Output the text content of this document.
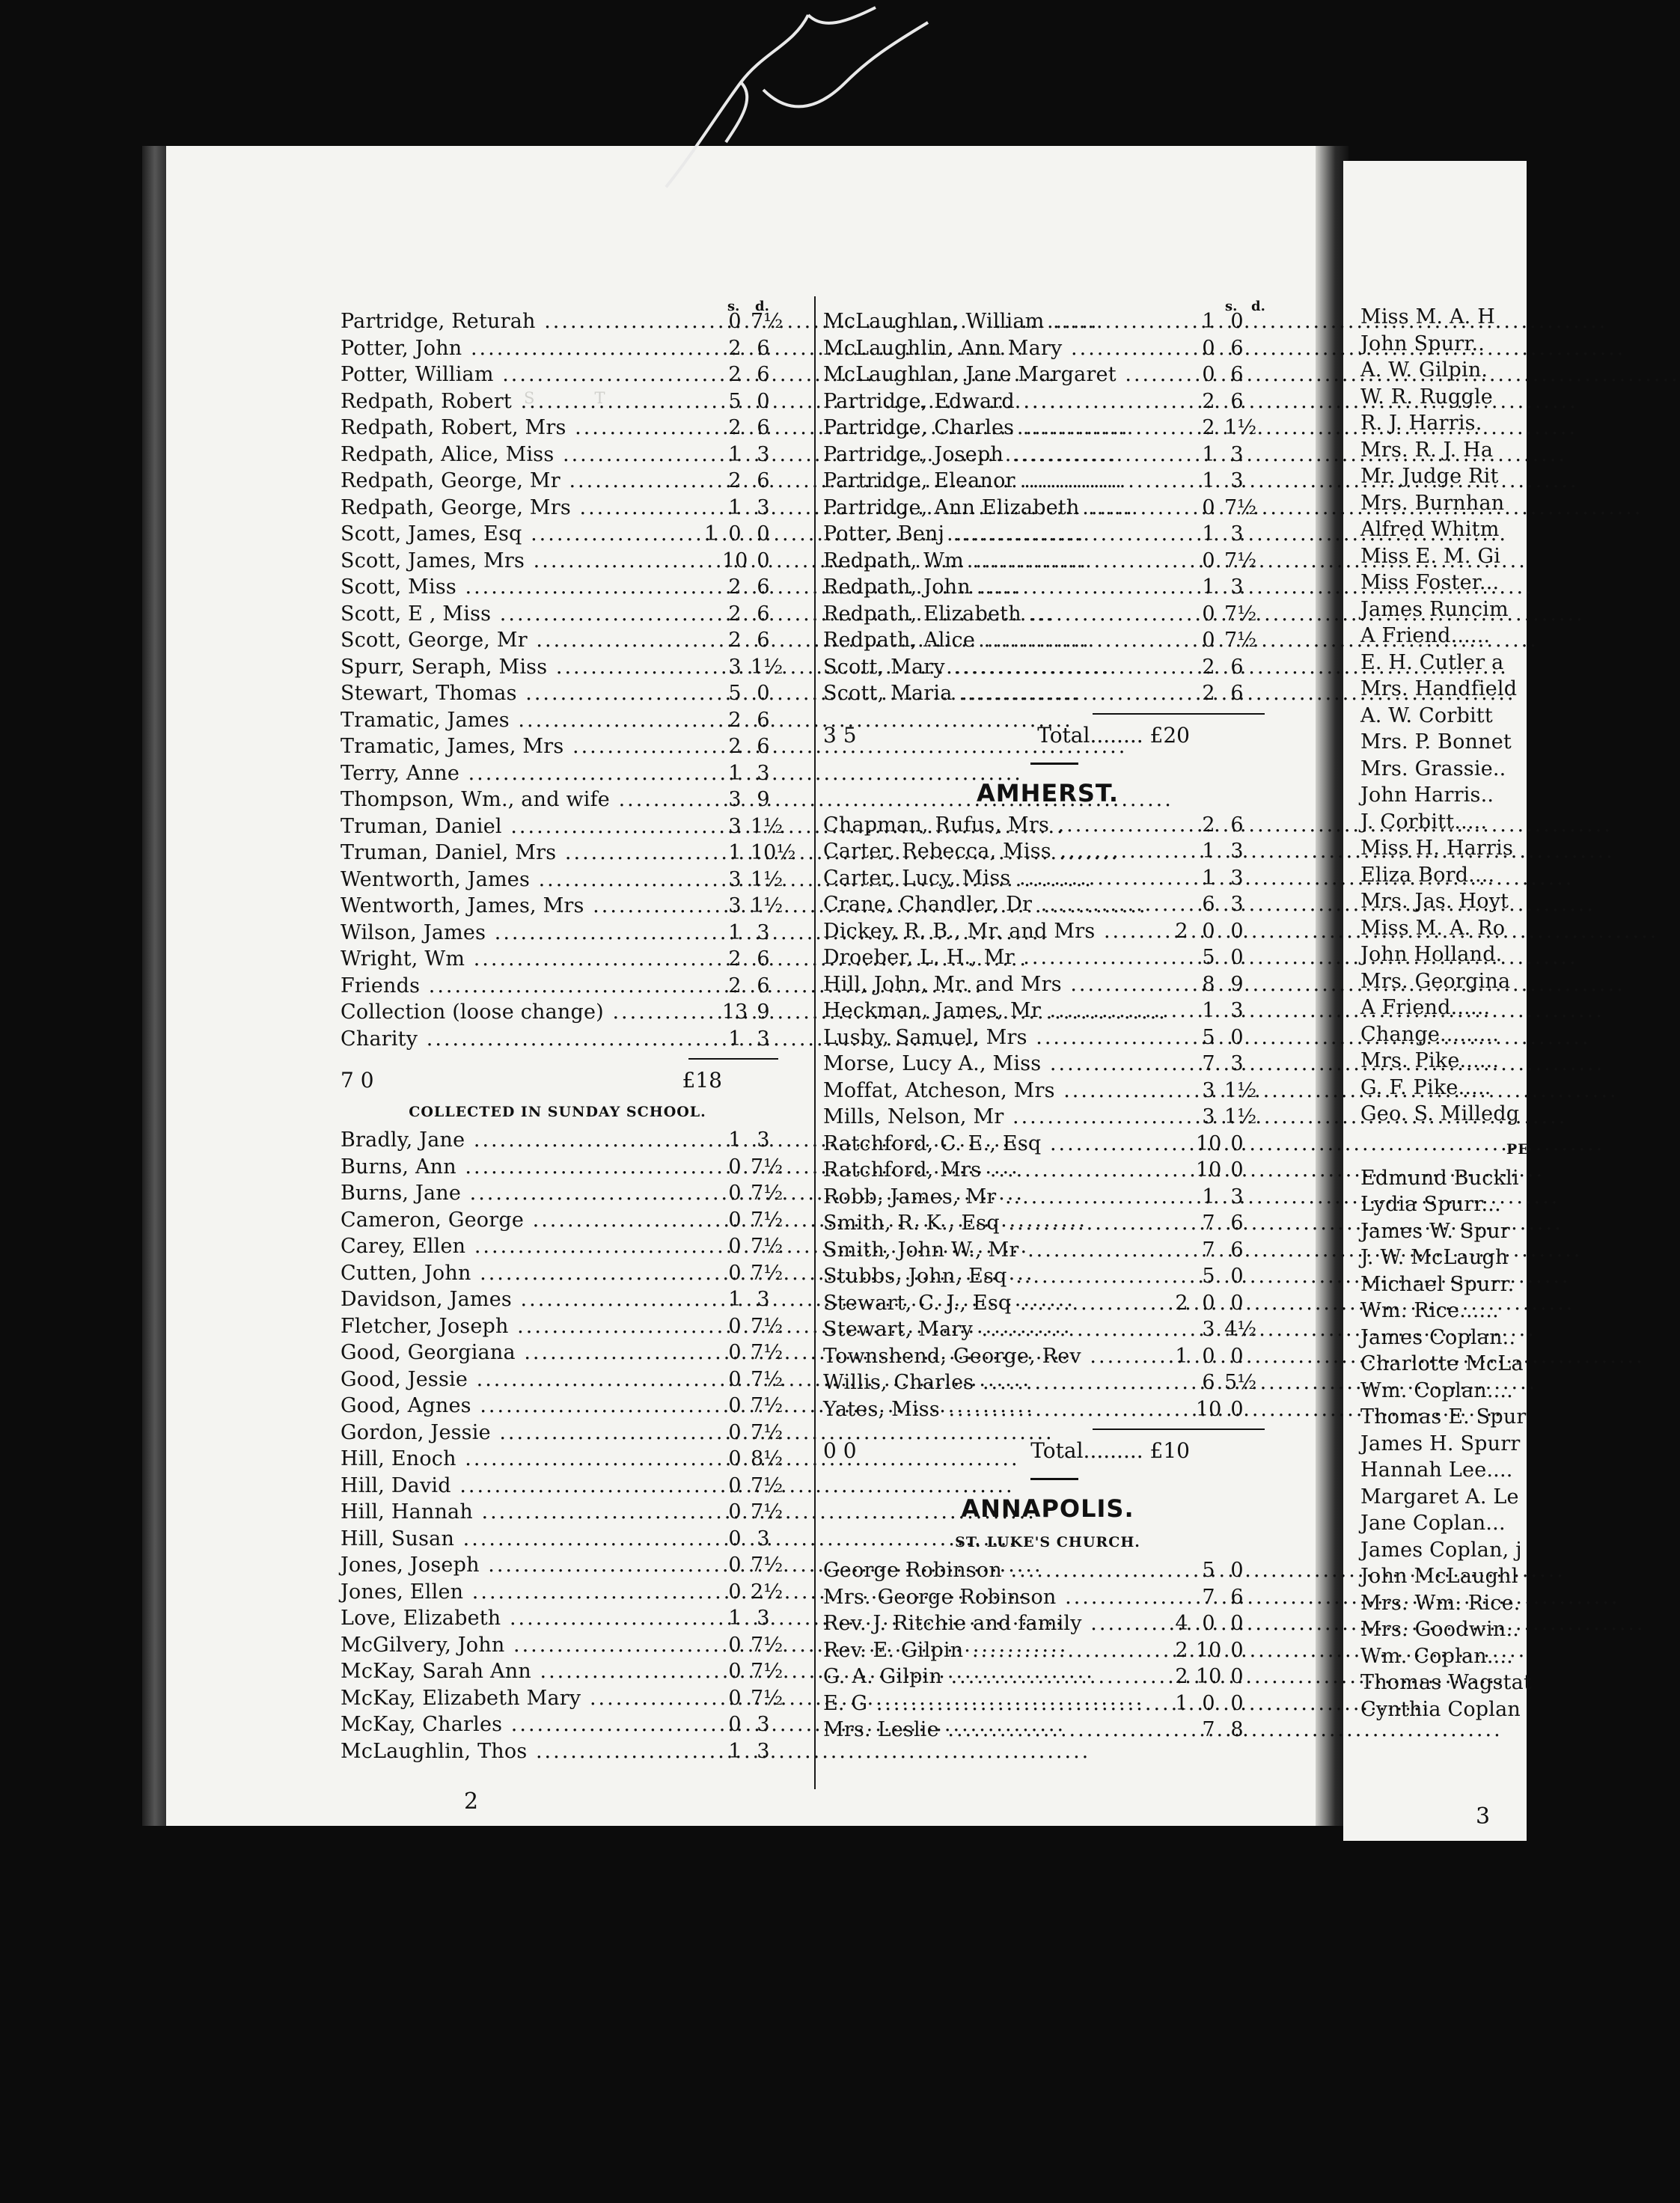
S            T
s. d.
Partridge, Returah .....	0 7½
Potter, John .....	2 6
Potter, William .....	2 6
Redpath, Robert .....	5 0
Redpath, Robert, Mrs .....	2 6
Redpath, Alice, Miss .....	1 3
Redpath, George, Mr .....	2 6
Redpath, George, Mrs .....	1 3
Scott, James, Esq .....	1 0 0
Scott, James, Mrs .....	10 0
Scott, Miss .....	2 6
Scott, E , Miss .....	2 6
Scott, George, Mr .....	2 6
Spurr, Seraph, Miss .....	3 1½
Stewart, Thomas .....	5 0
Tramatic, James .....	2 6
Tramatic, James, Mrs .....	2 6
Terry, Anne .....	1 3
Thompson, Wm., and wife .....	3 9
Truman, Daniel .....	3 1½
Truman, Daniel, Mrs .....	1 10½
Wentworth, James .....	3 1½
Wentworth, James, Mrs .....	3 1½
Wilson, James .....	1 3
Wright, Wm .....	2 6
Friends .....	2 6
Collection (loose change) .....	13 9
Charity .....	1 3
£18
7 0
COLLECTED IN SUNDAY SCHOOL.
Bradly, Jane .....	1 3
Burns, Ann .....	0 7½
Burns, Jane .....	0 7½
Cameron, George .....	0 7½
Carey, Ellen .....	0 7½
Cutten, John .....	0 7½
Davidson, James .....	1 3
Fletcher, Joseph .....	0 7½
Good, Georgiana .....	0 7½
Good, Jessie .....	0 7½
Good, Agnes .....	0 7½
Gordon, Jessie .....	0 7½
Hill, Enoch .....	0 8½
Hill, David .....	0 7½
Hill, Hannah .....	0 7½
Hill, Susan .....	0 3
Jones, Joseph .....	0 7½
Jones, Ellen .....	0 2½
Love, Elizabeth .....	1 3
McGilvery, John .....	0 7½
McKay, Sarah Ann .....	0 7½
McKay, Elizabeth Mary .....	0 7½
McKay, Charles .....	0 3
McLaughlin, Thos .....	1 3
s. d.
McLaughlan, William .....	1 0
McLaughlin, Ann Mary .....	0 6
McLaughlan, Jane Margaret .....	0 6
Partridge, Edward .....	2 6
Partridge, Charles .....	2 1½
Partridge, Joseph .....	1 3
Partridge, Eleanor .....	1 3
Partridge, Ann Elizabeth .....	0 7½
Potter, Benj .....	1 3
Redpath, Wm .....	0 7½
Redpath, John .....	1 3
Redpath, Elizabeth .....	0 7½
Redpath, Alice .....	0 7½
Scott, Mary .....	2 6
Scott, Maria .....	2 6
Total........ £20
3 5
AMHERST.
Chapman, Rufus, Mrs .....	2 6
Carter, Rebecca, Miss .....	1 3
Carter, Lucy, Miss .....	1 3
Crane, Chandler, Dr .....	6 3
Dickey, R. B., Mr. and Mrs .....	2 0 0
Droeber, L. H., Mr .....	5 0
Hill, John, Mr. and Mrs .....	8 9
Heckman, James, Mr .....	1 3
Lusby, Samuel, Mrs .....	5 0
Morse, Lucy A., Miss .....	7 3
Moffat, Atcheson, Mrs .....	3 1½
Mills, Nelson, Mr .....	3 1½
Ratchford, C. E., Esq .....	10 0
Ratchford, Mrs .....	10 0
Robb, James, Mr .....	1 3
Smith, R. K., Esq .....	7 6
Smith, John W., Mr .....	7 6
Stubbs, John, Esq .....	5 0
Stewart, C. J., Esq .....	2 0 0
Stewart, Mary .....	3 4½
Townshend, George, Rev .....	1 0 0
Willis, Charles .....	6 5½
Yates, Miss .....	10 0
Total......... £10
0 0
ANNAPOLIS.
ST. LUKE'S CHURCH.
George Robinson .....	5 0
Mrs. George Robinson .....	7 6
Rev. J. Ritchie and family .....	4 0 0
Rev. E. Gilpin .....	2 10 0
G. A. Gilpin .....	2 10 0
E. G .....	1 0 0
Mrs. Leslie .....	7 8
2
Miss M. A. H
John Spurr..
A. W. Gilpin.
W. R. Ruggle
R. J. Harris.
Mrs. R. J. Ha
Mr. Judge Rit
Mrs. Burnhan
Alfred Whitm
Miss E. M. Gi
Miss Foster...
James Runcim
A Friend......
E. H. Cutler a
Mrs. Handfield
A. W. Corbitt
Mrs. P. Bonnet
Mrs. Grassie..
John Harris..
J. Corbitt.....
Miss H. Harris
Eliza Bord....
Mrs. Jas. Hoyt
Miss M. A. Ro
John Holland.
Mrs. Georgina
A Friend......
Change.........
Mrs. Pike......
G. F. Pike.....
Geo. S. Milledg
PE
Edmund Buckli
Lydia Spurr...
James W. Spur
J. W. McLaugh
Michael Spurr.
Wm. Rice......
James Coplan..
Charlotte McLa
Wm. Coplan....
Thomas E. Spur
James H. Spurr
Hannah Lee....
Margaret A. Le
Jane Coplan...
James Coplan, j
John McLaughl
Mrs. Wm. Rice.
Mrs. Goodwin..
Wm. Coplan....
Thomas Wagstat
Cynthia Coplan
3
